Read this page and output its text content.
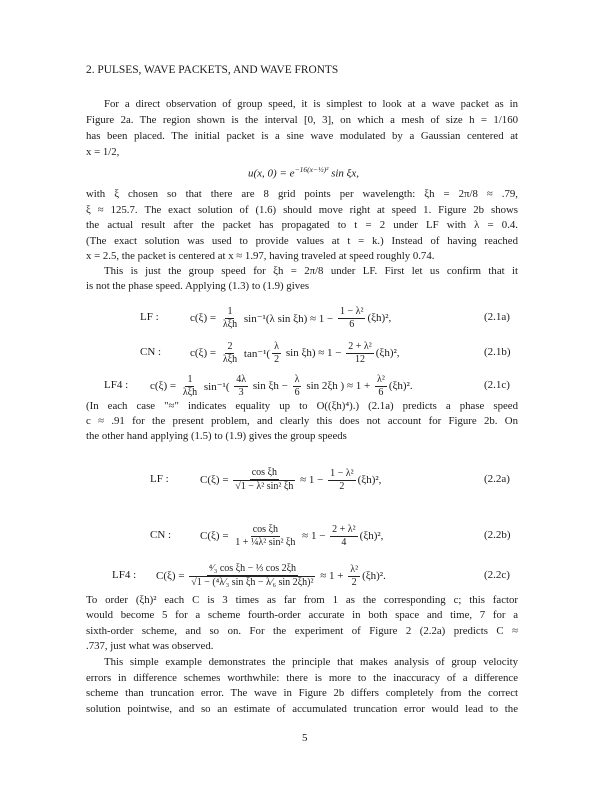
2. PULSES, WAVE PACKETS, AND WAVE FRONTS
For a direct observation of group speed, it is simplest to look at a wave packet as in
Figure 2a. The region shown is the interval [0, 3], on which a mesh of size h = 1/160
has been placed. The initial packet is a sine wave modulated by a Gaussian centered at
x = 1/2,
u(x, $0) = e^{-16(x-\frac{1}{2})^2}$ sin ξx,
with ξ chosen so that there are 8 grid points per wavelength: ξh = 2π/8 ≈ .79,
ξ ≈ 125.7. The exact solution of (1.6) should move right at speed 1. Figure 2b shows
the actual result after the packet has propagated to t = 2 under LF with λ = 0.4.
(The exact solution was used to provide values at t = k.) Instead of having reached
x = 2.5, the packet is centered at x ≈ 1.97, having traveled at speed roughly 0.74.
This is just the group speed for ξh = 2π/8 under LF. First let us confirm that it
is not the phase speed. Applying (1.3) to (1.9) gives
LF :	$c(\xi) = \frac{1}{\text{λξh}} \sin^{-1}(\lambda$ $\sin \xi h) \approx 1 - \frac{\text{1 − λ²}}{6} (\xi h)^2$,	(2.1a)
CN :	$c(\xi) = \frac{2}{\text{λξh}} \tan^{-1}( \frac{\lambda}{2}$ $\sin \xi h) \approx 1 - \frac{\text{2 + λ²}}{12} (\xi h)^2$,	(2.1b)
LF4 : $c(\xi) = \frac{1}{\text{λξh}} \sin^{-1}( \frac{4\lambda}{3}$ $\sin \xi h - \frac{\lambda}{6}$ sin 2ξh ) ≈ $1 + \frac{\text{λ²}}{6} (\xi h)^2$.	(2.1c)
(In each case "≈" indicates equality up to O((ξh)⁴).) (2.1a) predicts a phase speed
c ≈ .91 for the present problem, and clearly this does not account for Figure 2b. On
the other hand applying (1.5) to (1.9) gives the group speeds
LF :	$C(\xi) = \frac{\text{cos ξh}}{\text{√1 − λ² sin² ξh}} \approx 1 - \frac{\text{1 − λ²}}{2} (\xi h)^2$,	(2.2a)
CN :	$C(\xi) = \frac{\text{cos ξh}}{\text{1 + ¼λ² sin² ξh}} \approx 1 - \frac{\text{2 + λ²}}{4} (\xi h)^2$,	(2.2b)
LF4 : $C(\xi) = \frac{\text{⁴⁄₃ cos ξh − ⅓ cos 2ξh}}{\text{√1 − (⁴λ⁄₃ sin ξh − λ⁄₆ sin 2ξh)²}} \approx 1 + \frac{\text{λ²}}{2} (\xi h)^2$.	(2.2c)
To order (ξh)² each C is 3 times as far from 1 as the corresponding c; this factor
would become 5 for a scheme fourth-order accurate in both space and time, 7 for a
sixth-order scheme, and so on. For the experiment of Figure 2 (2.2a) predicts C ≈
.737, just what was observed.
This simple example demonstrates the principle that makes analysis of group velocity
errors in difference schemes worthwhile: there is more to the inaccuracy of a difference
scheme than truncation error. The wave in Figure 2b differs completely from the correct
solution pointwise, and so an estimate of accumulated truncation error would lead to the
5
